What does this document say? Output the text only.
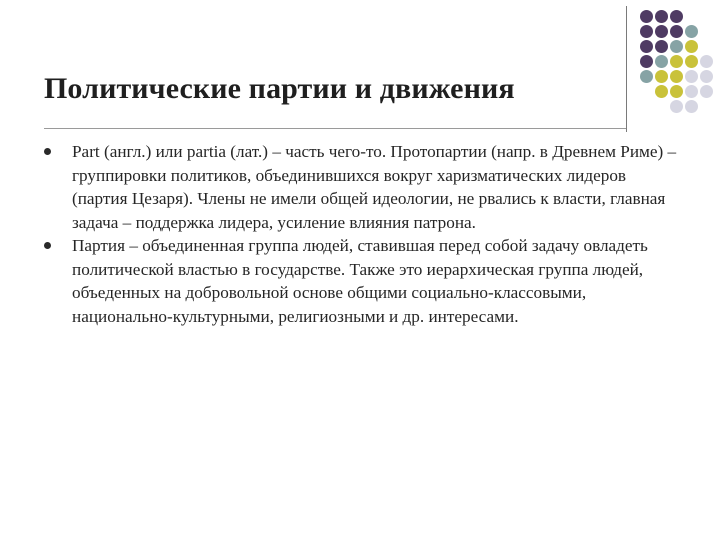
Политические партии и движения
Part (англ.) или partia (лат.) – часть чего-то. Протопартии (напр. в Древнем Риме) – группировки политиков, объединившихся вокруг харизматических лидеров (партия Цезаря). Члены не имели общей идеологии, не рвались к власти, главная задача – поддержка лидера, усиление влияния патрона.
Партия – объединенная группа людей, ставившая перед собой задачу овладеть политической властью в государстве. Также это иерархическая группа людей, объеденных на добровольной основе общими социально-классовыми, национально-культурными, религиозными и др. интересами.
